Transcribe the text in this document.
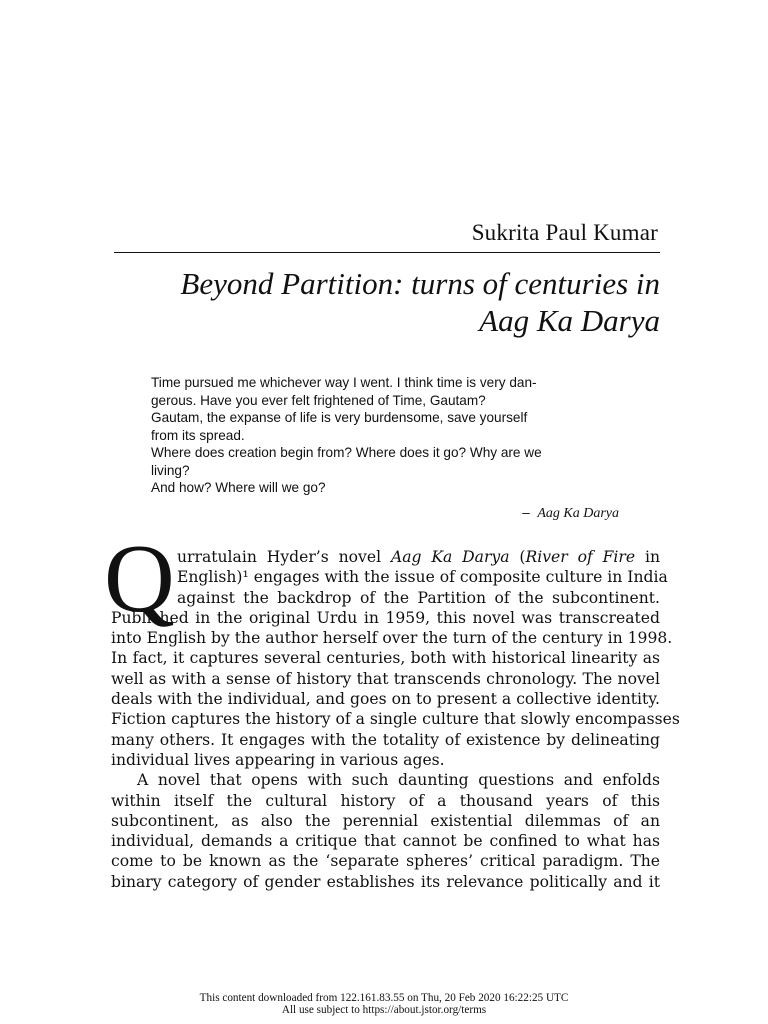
Sukrita Paul Kumar
Beyond Partition: turns of centuries in
Aag Ka Darya
Time pursued me whichever way I went. I think time is very dan-
gerous. Have you ever felt frightened of Time, Gautam?
Gautam, the expanse of life is very burdensome, save yourself
from its spread.
Where does creation begin from? Where does it go? Why are we
living?
And how? Where will we go?
– Aag Ka Darya
Q urratulain Hyder’s novel Aag Ka Darya (River of Fire in
English)¹ engages with the issue of composite culture in India
against the backdrop of the Partition of the subcontinent.
Published in the original Urdu in 1959, this novel was transcreated
into English by the author herself over the turn of the century in 1998.
In fact, it captures several centuries, both with historical linearity as
well as with a sense of history that transcends chronology. The novel
deals with the individual, and goes on to present a collective identity.
Fiction captures the history of a single culture that slowly encompasses
many others. It engages with the totality of existence by delineating
individual lives appearing in various ages.
A novel that opens with such daunting questions and enfolds
within itself the cultural history of a thousand years of this
subcontinent, as also the perennial existential dilemmas of an
individual, demands a critique that cannot be confined to what has
come to be known as the ‘separate spheres’ critical paradigm. The
binary category of gender establishes its relevance politically and it
This content downloaded from 122.161.83.55 on Thu, 20 Feb 2020 16:22:25 UTC
All use subject to https://about.jstor.org/terms
